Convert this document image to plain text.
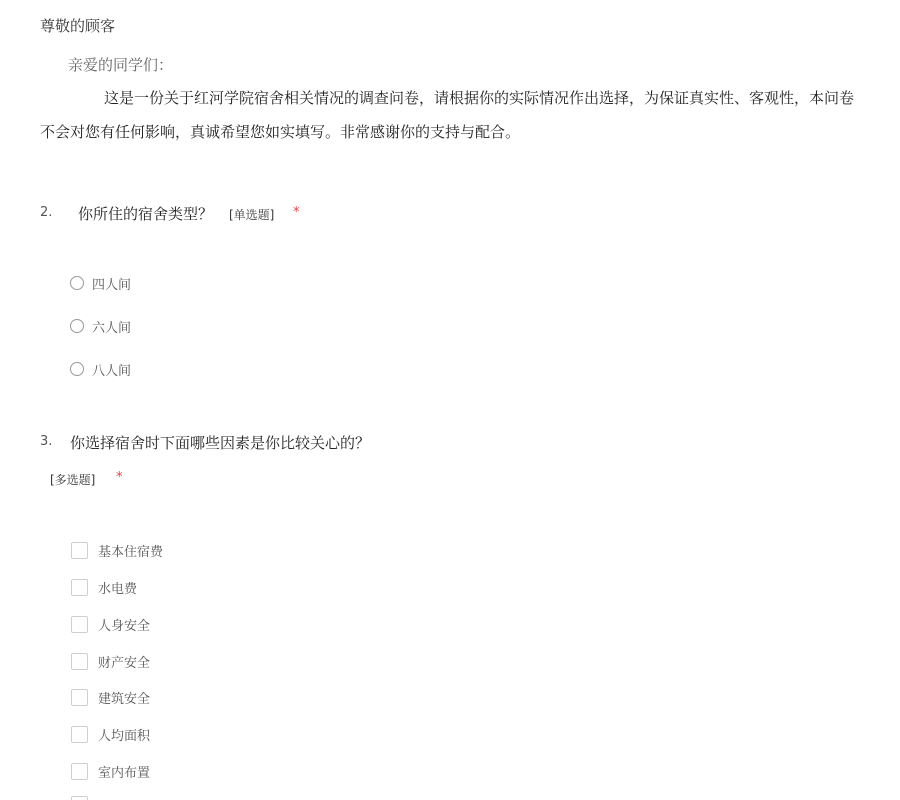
尊敬的顾客
亲爱的同学们：
这是一份关于红河学院宿舍相关情况的调查问卷，请根据你的实际情况作出选择，为保证真实性、客观性，本问卷
不会对您有任何影响，真诚希望您如实填写。非常感谢你的支持与配合。
2. 你所住的宿舍类型？ [单选题] *
四人间
六人间
八人间
3. 你选择宿舍时下面哪些因素是你比较关心的？
[多选题] *
基本住宿费
水电费
人身安全
财产安全
建筑安全
人均面积
室内布置
